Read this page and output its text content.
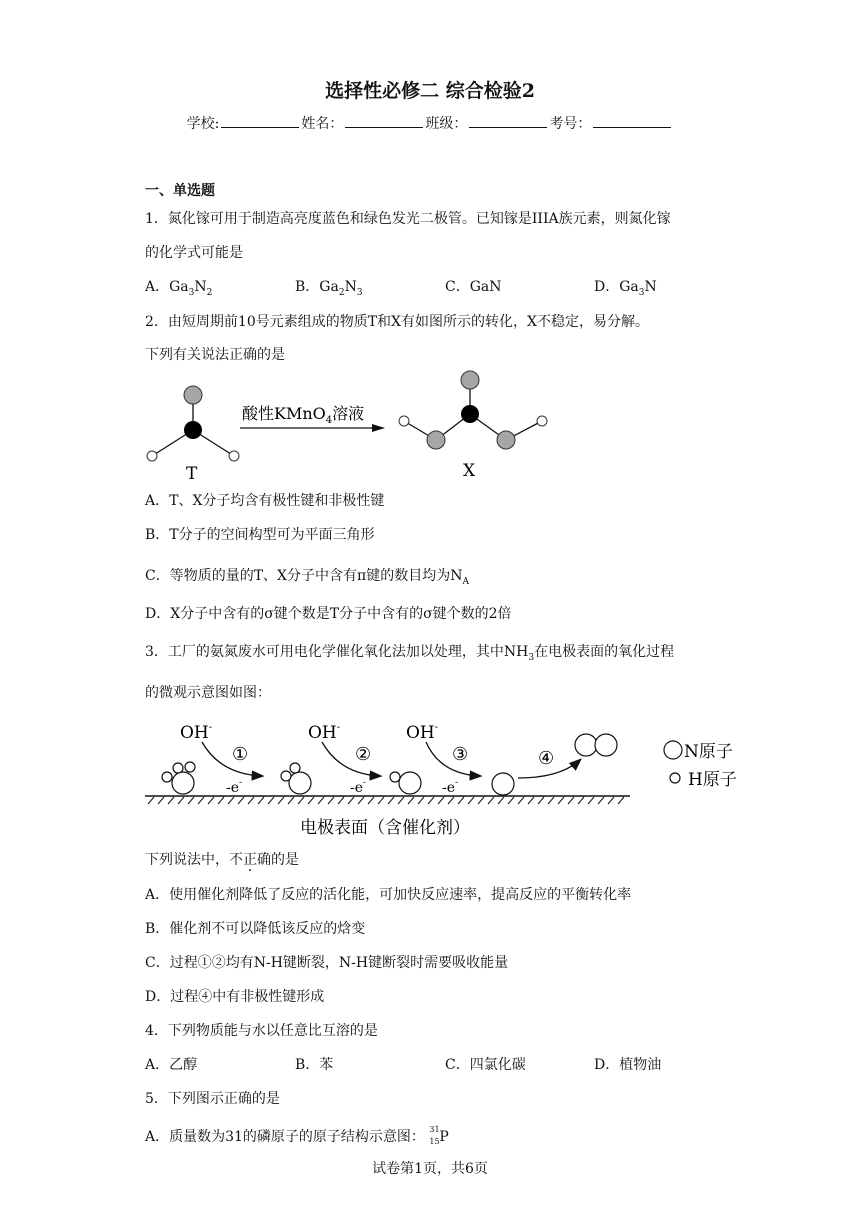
选择性必修二 综合检验2
学校:	姓名：	班级：	考号：
一、单选题
1．氮化镓可用于制造高亮度蓝色和绿色发光二极管。已知镓是IIIA族元素，则氮化镓
的化学式可能是
A．$Ga_3N_2$	B．$Ga_2N_3$	C．GaN	D．$Ga_3N$
2．由短周期前10号元素组成的物质T和X有如图所示的转化，X不稳定，易分解。
下列有关说法正确的是
T
酸性KMnO$_4$溶液
X
A．T、X分子均含有极性键和非极性键
B．T分子的空间构型可为平面三角形
C．等物质的量的T、X分子中含有π键的数目均为$N_A$
D．X分子中含有的σ键个数是T分子中含有的σ键个数的2倍
3．工厂的氨氮废水可用电化学催化氧化法加以处理，其中$NH_3$在电极表面的氧化过程
的微观示意图如图：
OH-	OH-	OH-
①	②	③	④
-e-	-e-	-e-
N原子
H原子
电极表面（含催化剂）
下列说法中，不正确的是
A．使用催化剂降低了反应的活化能，可加快反应速率，提高反应的平衡转化率
B．催化剂不可以降低该反应的焓变
C．过程①②均有N-H键断裂，N-H键断裂时需要吸收能量
D．过程④中有非极性键形成
4．下列物质能与水以任意比互溶的是
A．乙醇	B．苯	C．四氯化碳	D．植物油
5．下列图示正确的是
A．质量数为31的磷原子的原子结构示意图： 31
15 P
试卷第1页，共6页
